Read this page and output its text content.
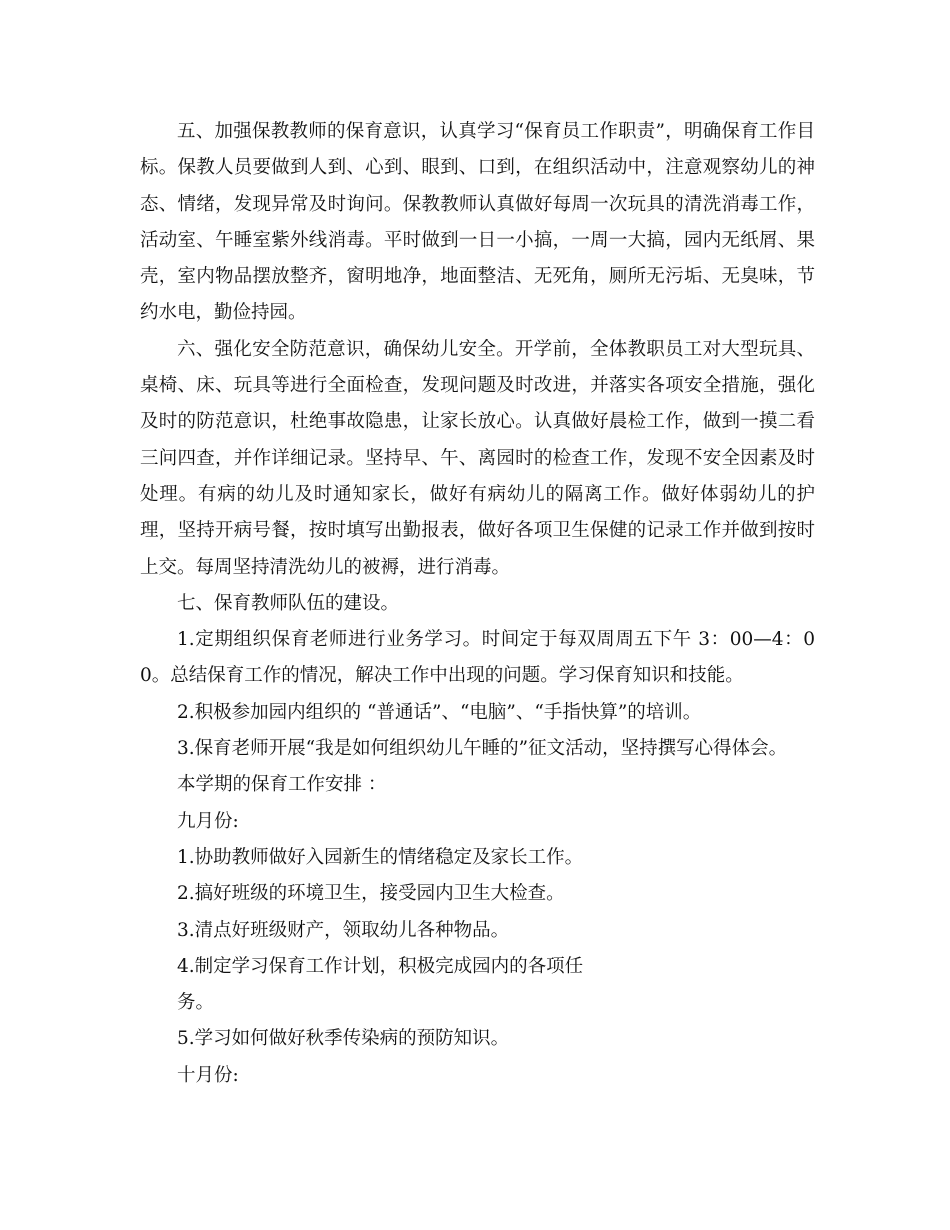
五、加强保教教师的保育意识，认真学习“保育员工作职责”，明确保育工作目标。保教人员要做到人到、心到、眼到、口到，在组织活动中，注意观察幼儿的神态、情绪，发现异常及时询问。保教教师认真做好每周一次玩具的清洗消毒工作，活动室、午睡室紫外线消毒。平时做到一日一小搞，一周一大搞，园内无纸屑、果壳，室内物品摆放整齐，窗明地净，地面整洁、无死角，厕所无污垢、无臭味，节约水电，勤俭持园。

六、强化安全防范意识，确保幼儿安全。开学前，全体教职员工对大型玩具、桌椅、床、玩具等进行全面检查，发现问题及时改进，并落实各项安全措施，强化及时的防范意识，杜绝事故隐患，让家长放心。认真做好晨检工作，做到一摸二看三问四查，并作详细记录。坚持早、午、离园时的检查工作，发现不安全因素及时处理。有病的幼儿及时通知家长，做好有病幼儿的隔离工作。做好体弱幼儿的护理，坚持开病号餐，按时填写出勤报表，做好各项卫生保健的记录工作并做到按时上交。每周坚持清洗幼儿的被褥，进行消毒。

七、保育教师队伍的建设。

1.定期组织保育老师进行业务学习。时间定于每双周周五下午 3：00—4：00。总结保育工作的情况，解决工作中出现的问题。学习保育知识和技能。

2.积极参加园内组织的 “普通话”、“电脑”、“手指快算”的培训。

3.保育老师开展“我是如何组织幼儿午睡的”征文活动，坚持撰写心得体会。

本学期的保育工作安排 ：

九月份:

1.协助教师做好入园新生的情绪稳定及家长工作。

2.搞好班级的环境卫生，接受园内卫生大检查。

3.清点好班级财产，领取幼儿各种物品。

4.制定学习保育工作计划，积极完成园内的各项任

务。

5.学习如何做好秋季传染病的预防知识。

十月份:
